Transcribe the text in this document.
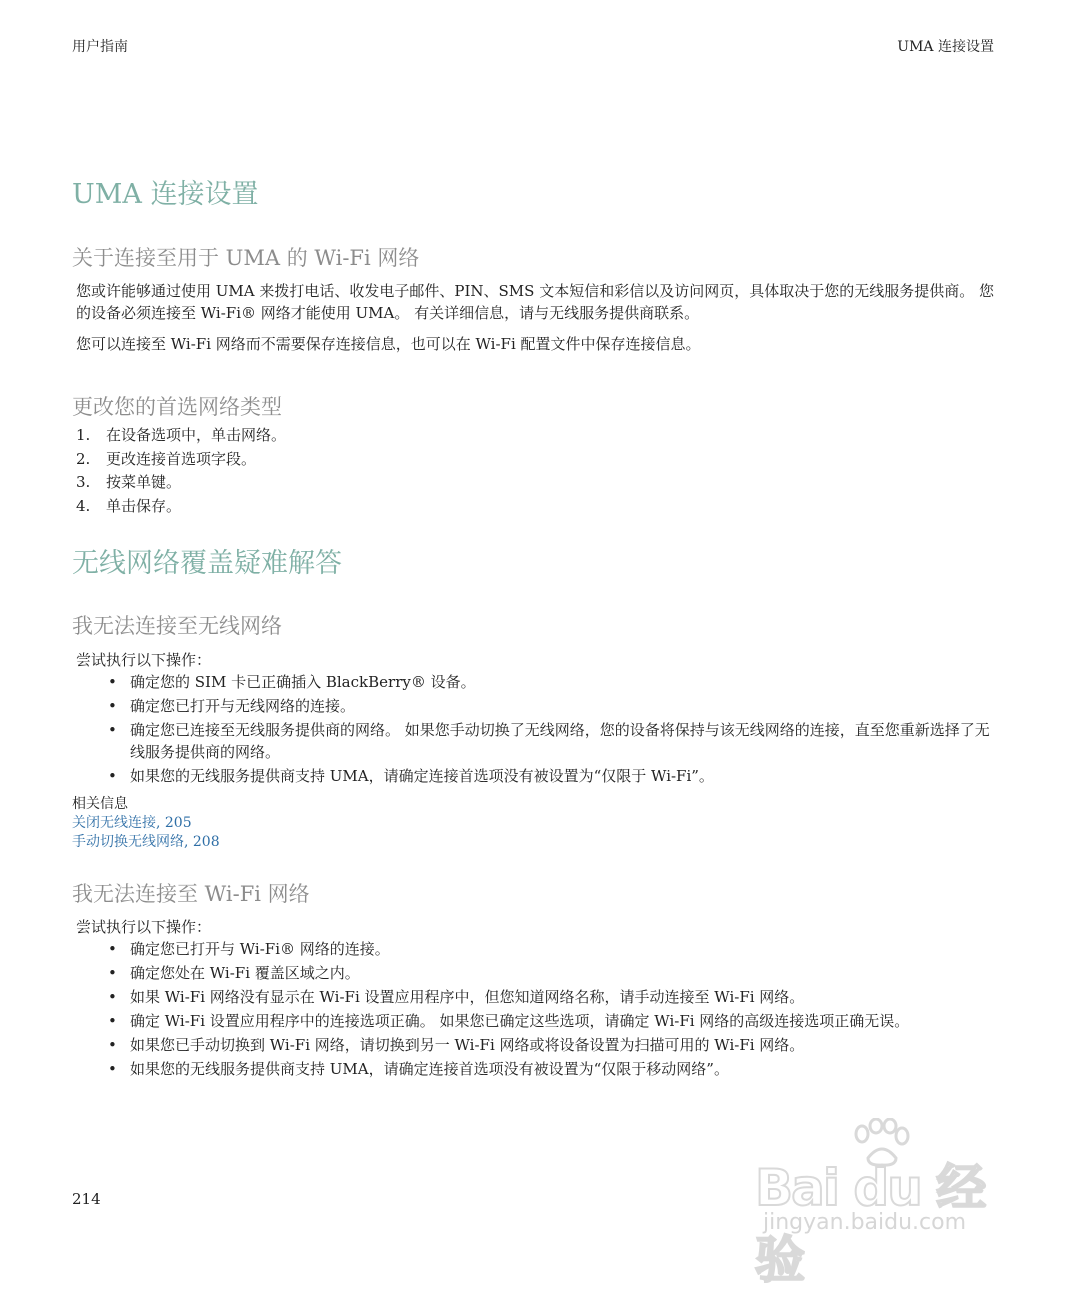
用户指南	UMA 连接设置
UMA 连接设置
关于连接至用于 UMA 的 Wi-Fi 网络

您或许能够通过使用 UMA 来拨打电话、收发电子邮件、PIN、SMS 文本短信和彩信以及访问网页，具体取决于您的无线服务提供商。 您的设备必须连接至 Wi-Fi® 网络才能使用 UMA。 有关详细信息，请与无线服务提供商联系。

您可以连接至 Wi-Fi 网络而不需要保存连接信息，也可以在 Wi-Fi 配置文件中保存连接信息。

更改您的首选网络类型
1.	在设备选项中，单击网络。
2.	更改连接首选项字段。
3.	按菜单键。
4.	单击保存。
无线网络覆盖疑难解答
我无法连接至无线网络

尝试执行以下操作：

• 确定您的 SIM 卡已正确插入 BlackBerry® 设备。
• 确定您已打开与无线网络的连接。
• 确定您已连接至无线服务提供商的网络。 如果您手动切换了无线网络，您的设备将保持与该无线网络的连接，直至您重新选择了无线服务提供商的网络。
• 如果您的无线服务提供商支持 UMA，请确定连接首选项没有被设置为“仅限于 Wi-Fi”。
相关信息
关闭无线连接, 205
手动切换无线网络, 208
我无法连接至 Wi-Fi 网络

尝试执行以下操作：

• 确定您已打开与 Wi-Fi® 网络的连接。
• 确定您处在 Wi-Fi 覆盖区域之内。
• 如果 Wi-Fi 网络没有显示在 Wi-Fi 设置应用程序中，但您知道网络名称，请手动连接至 Wi-Fi 网络。
• 确定 Wi-Fi 设置应用程序中的连接选项正确。 如果您已确定这些选项，请确定 Wi-Fi 网络的高级连接选项正确无误。
• 如果您已手动切换到 Wi-Fi 网络，请切换到另一 Wi-Fi 网络或将设备设置为扫描可用的 Wi-Fi 网络。
• 如果您的无线服务提供商支持 UMA，请确定连接首选项没有被设置为“仅限于移动网络”。
214	Bai du 经验
jingyan.baidu.com
